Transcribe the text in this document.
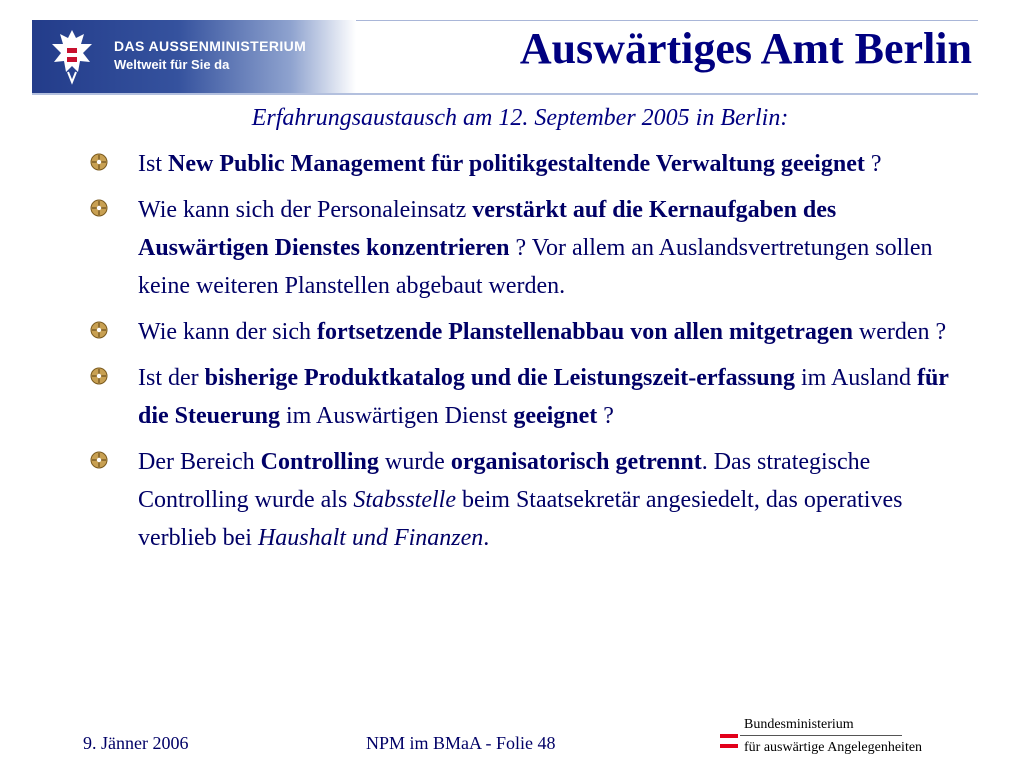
DAS AUSSENMINISTERIUM
Weltweit für Sie da	Auswärtiges Amt Berlin
Erfahrungsaustausch am 12. September 2005 in Berlin:
Ist New Public Management für politikgestaltende Verwaltung geeignet ?
Wie kann sich der Personaleinsatz verstärkt auf die Kernaufgaben des Auswärtigen Dienstes konzentrieren ? Vor allem an Auslandsvertretungen sollen keine weiteren Planstellen abgebaut werden.
Wie kann der sich fortsetzende Planstellenabbau von allen mitgetragen werden ?
Ist der bisherige Produktkatalog und die Leistungszeit-erfassung im Ausland für die Steuerung im Auswärtigen Dienst geeignet ?
Der Bereich Controlling wurde organisatorisch getrennt. Das strategische Controlling wurde als Stabsstelle beim Staatsekretär angesiedelt, das operatives verblieb bei Haushalt und Finanzen.
9. Jänner 2006	NPM im BMaA - Folie 48
Bundesministerium
für auswärtige Angelegenheiten
